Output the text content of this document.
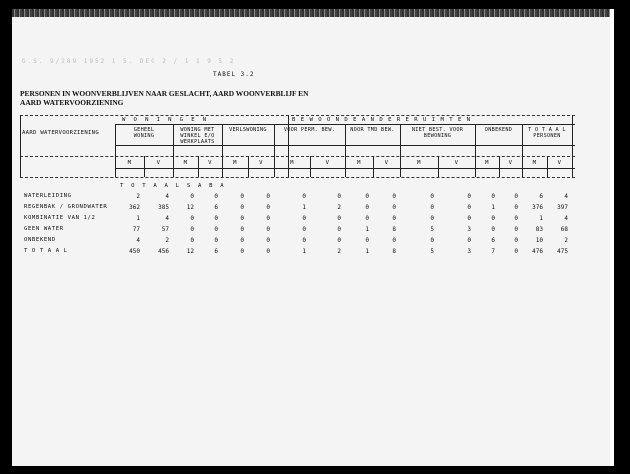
G.S. 9/289 1952 1 5. DEC 2 / 1 1 9 5 2
TABEL 3.2
PERSONEN IN WOONVERBLIJVEN NAAR GESLACHT, AARD WOONVERBLIJF EN
AARD WATERVOORZIENING
AARD WATERVOORZIENING
W O N I N G E N	B E W O O N D E A N D E R E R U I M T E N
T O T A A L S A B A
GEHEEL
WONING
WONING MET
WINKEL E/O
WERKPLAATS
VERLSWONING	VOOR PERM. BEW.	NOOR TMD BEW.	NIET BEST. VOOR
BEWONING
ONBEKEND	T O T A A L
PERSONEN
M	V	M	V	M	V	M	V	M	V	M	V	M	V	M	V
WATERLEIDING	2	4	0	0	0	0	0	0	0	0	0	0	0	0	6	4
REGENBAK / GRONDWATER	362	385	12	6	0	0	1	2	0	0	0	0	1	0	376	397
KOMBINATIE VAN 1/2	1	4	0	0	0	0	0	0	0	0	0	0	0	0	1	4
GEEN WATER	77	57	0	0	0	0	0	0	1	8	5	3	0	0	83	68
ONBEKEND	4	2	0	0	0	0	0	0	0	0	0	0	6	0	10	2
T O T A A L	450	456	12	6	0	0	1	2	1	8	5	3	7	0	476	475
